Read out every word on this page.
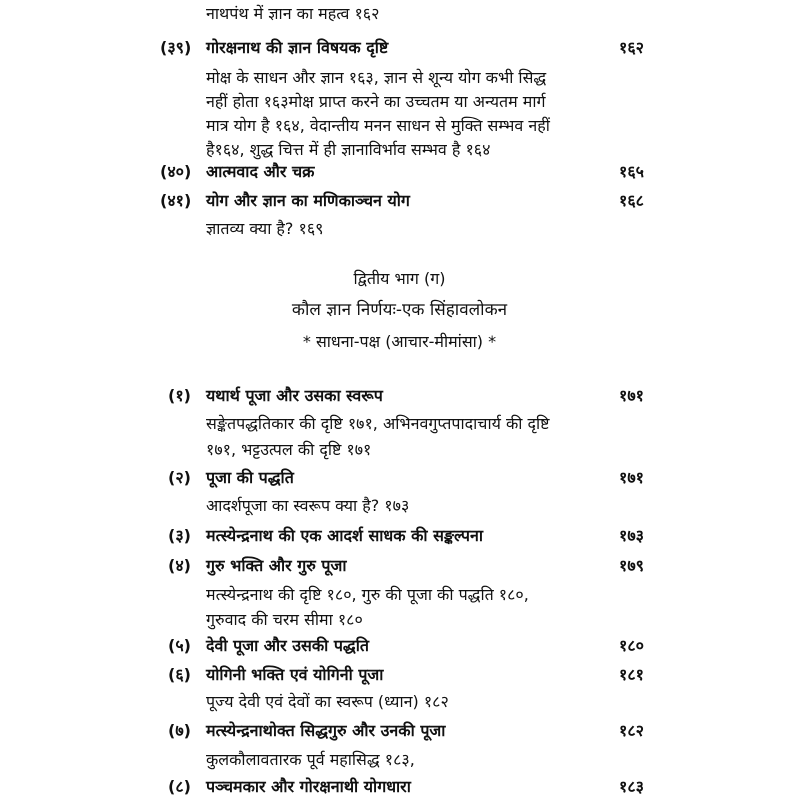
नाथपंथ में ज्ञान का महत्व १६२
(३९) गोरक्षनाथ की ज्ञान विषयक दृष्टि	१६२
मोक्ष के साधन और ज्ञान १६३, ज्ञान से शून्य योग कभी सिद्ध
नहीं होता १६३मोक्ष प्राप्त करने का उच्चतम या अन्यतम मार्ग
मात्र योग है १६४, वेदान्तीय मनन साधन से मुक्ति सम्भव नहीं
है१६४, शुद्ध चित्त में ही ज्ञानाविर्भाव सम्भव है १६४
(४०) आत्मवाद और चक्र	१६५
(४१) योग और ज्ञान का मणिकाञ्चन योग	१६८
ज्ञातव्य क्या है? १६९
द्वितीय भाग (ग)
कौल ज्ञान निर्णयः-एक सिंहावलोकन
* साधना-पक्ष (आचार-मीमांसा) *
(१) यथार्थ पूजा और उसका स्वरूप	१७१
सङ्केतपद्धतिकार की दृष्टि १७१, अभिनवगुप्तपादाचार्य की दृष्टि
१७१, भट्टउत्पल की दृष्टि १७१
(२) पूजा की पद्धति	१७१
आदर्शपूजा का स्वरूप क्या है? १७३
(३) मत्स्येन्द्रनाथ की एक आदर्श साधक की सङ्कल्पना	१७३
(४) गुरु भक्ति और गुरु पूजा	१७९
मत्स्येन्द्रनाथ की दृष्टि १८०, गुरु की पूजा की पद्धति १८०,
गुरुवाद की चरम सीमा १८०
(५) देवी पूजा और उसकी पद्धति	१८०
(६) योगिनी भक्ति एवं योगिनी पूजा	१८१
पूज्य देवी एवं देवों का स्वरूप (ध्यान) १८२
(७) मत्स्येन्द्रनाथोक्त सिद्धगुरु और उनकी पूजा	१८२
कुलकौलावतारक पूर्व महासिद्ध १८३,
(८) पञ्चमकार और गोरक्षनाथी योगधारा	१८३
